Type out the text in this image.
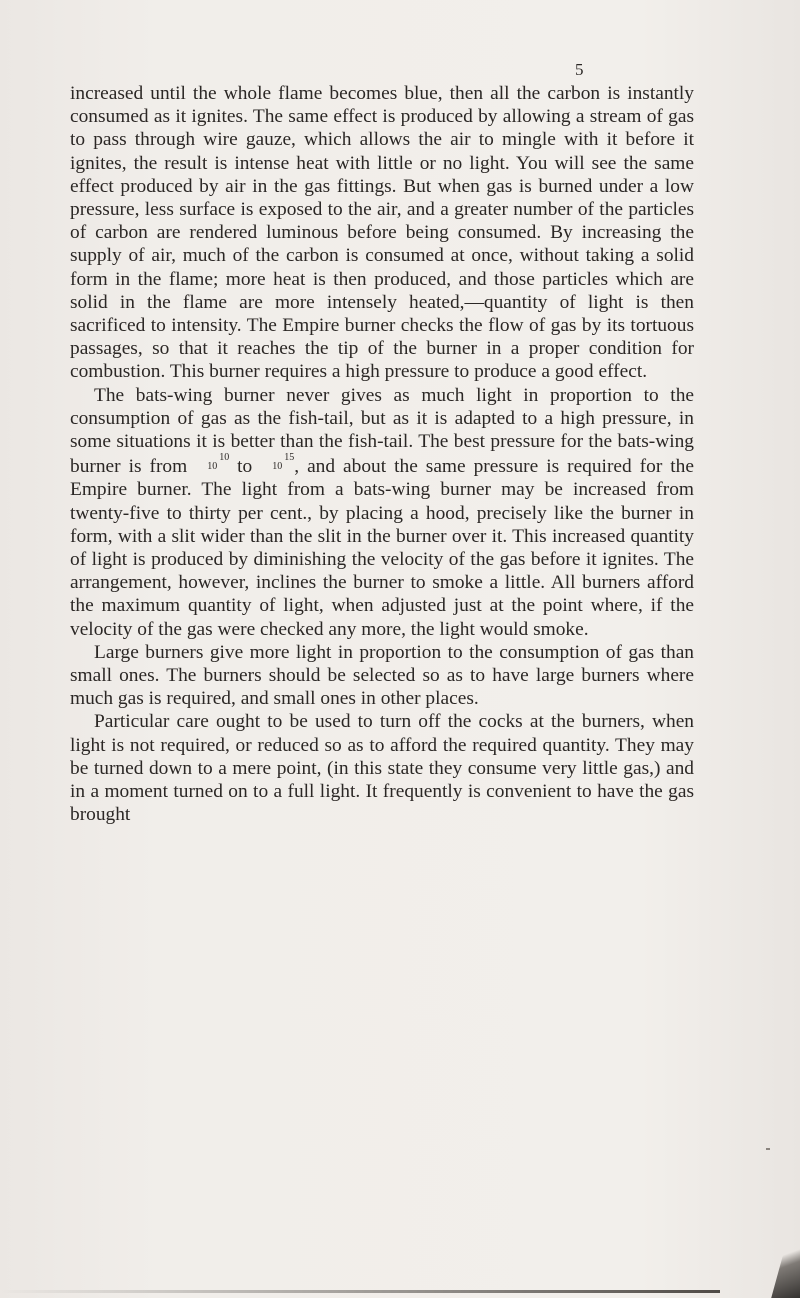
5

increased until the whole flame becomes blue, then all the carbon is instantly consumed as it ignites. The same effect is produced by allowing a stream of gas to pass through wire gauze, which allows the air to mingle with it before it ignites, the result is intense heat with little or no light. You will see the same effect produced by air in the gas fittings. But when gas is burned under a low pressure, less surface is exposed to the air, and a greater number of the particles of carbon are rendered luminous before being consumed. By increasing the supply of air, much of the carbon is consumed at once, without taking a solid form in the flame; more heat is then produced, and those particles which are solid in the flame are more intensely heated,—quantity of light is then sacrificed to intensity. The Empire burner checks the flow of gas by its tortuous passages, so that it reaches the tip of the burner in a proper condition for combustion. This burner requires a high pressure to produce a good effect.

The bats-wing burner never gives as much light in proportion to the consumption of gas as the fish-tail, but as it is adapted to a high pressure, in some situations it is better than the fish-tail. The best pressure for the bats-wing burner is from	10
10 to	15
10 , and about the same pressure is required for the Empire burner. The light from a bats-wing burner may be increased from twenty-five to thirty per cent., by placing a hood, precisely like the burner in form, with a slit wider than the slit in the burner over it. This increased quantity of light is produced by diminishing the velocity of the gas before it ignites. The arrangement, however, inclines the burner to smoke a little. All burners afford the maximum quantity of light, when adjusted just at the point where, if the velocity of the gas were checked any more, the light would smoke.

Large burners give more light in proportion to the consumption of gas than small ones. The burners should be selected so as to have large burners where much gas is required, and small ones in other places.

Particular care ought to be used to turn off the cocks at the burners, when light is not required, or reduced so as to afford the required quantity. They may be turned down to a mere point, (in this state they consume very little gas,) and in a moment turned on to a full light. It frequently is convenient to have the gas brought
